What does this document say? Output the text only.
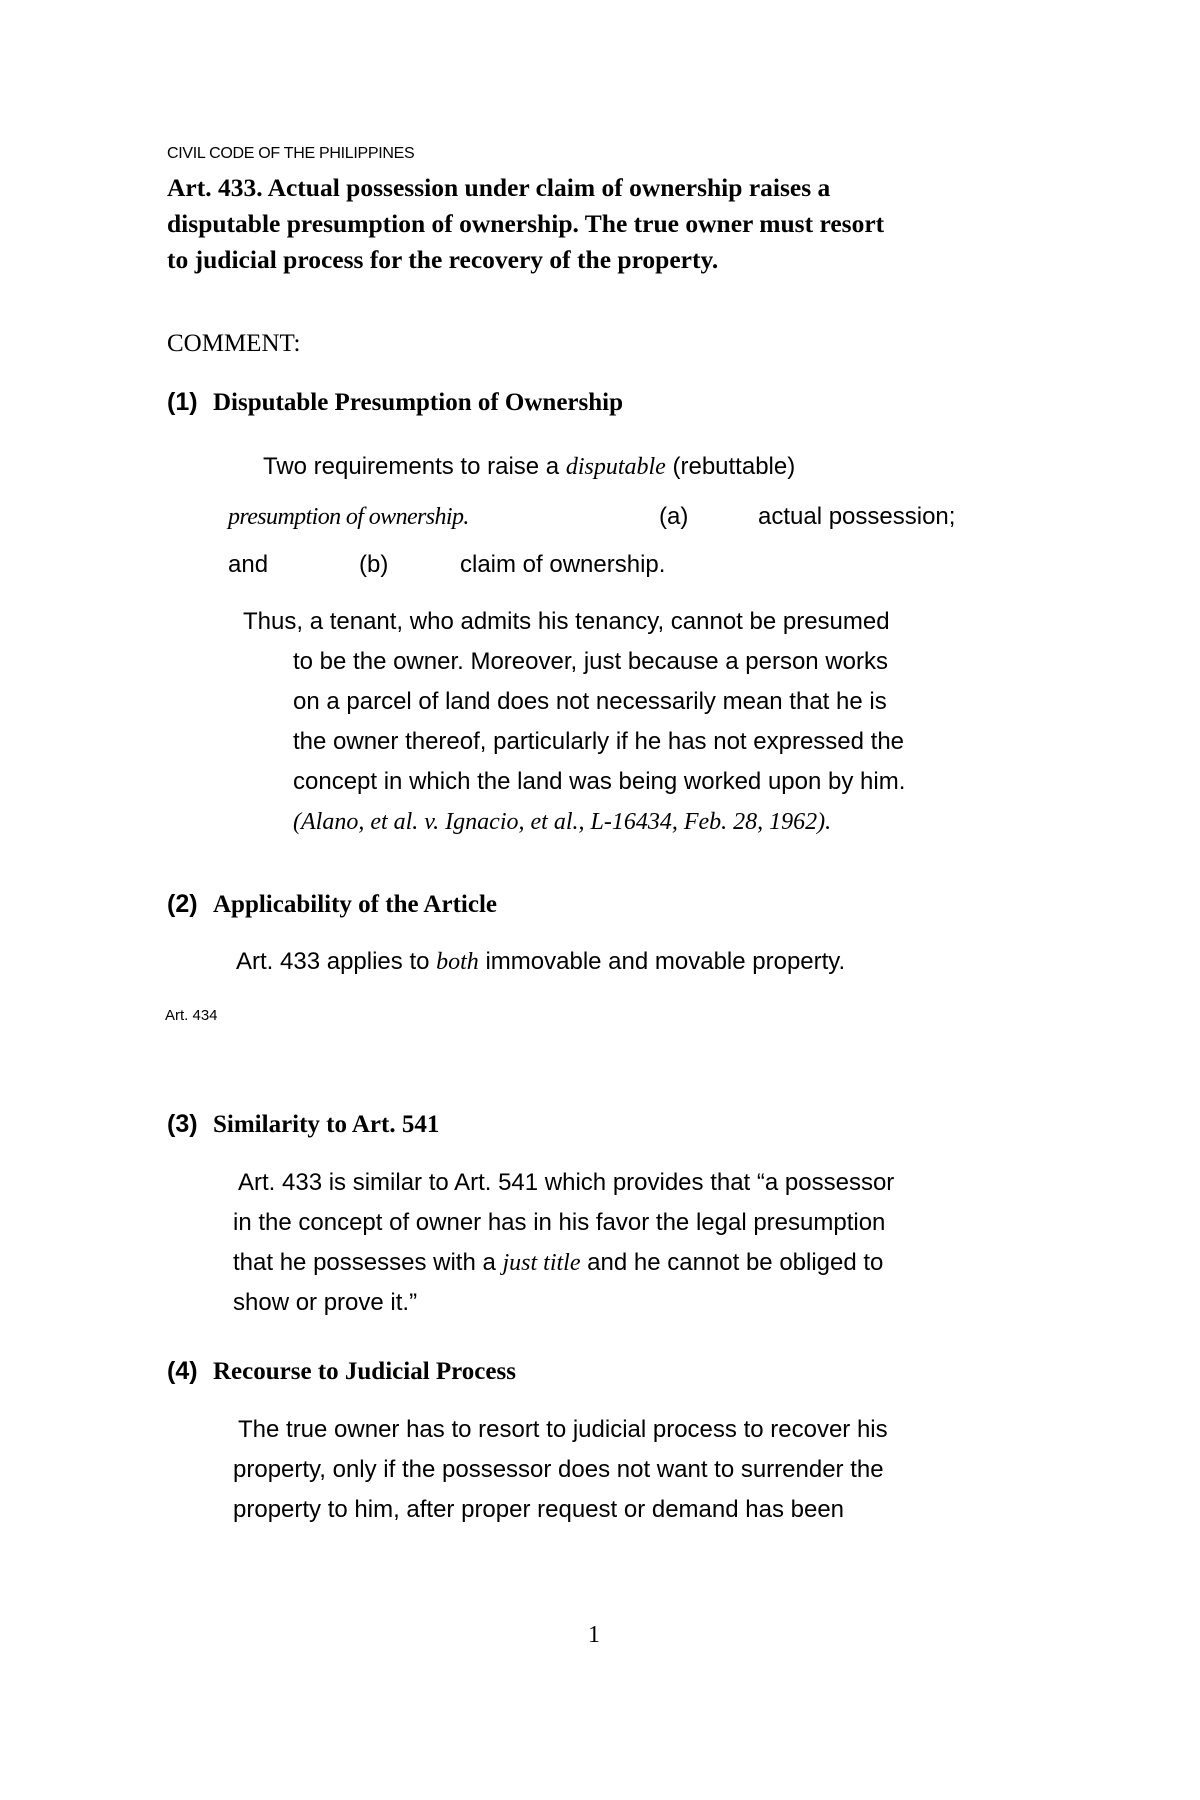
CIVIL CODE OF THE PHILIPPINES
Art. 433. Actual possession under claim of ownership raises a
disputable presumption of ownership. The true owner must resort
to judicial process for the recovery of the property.
COMMENT:
(1) Disputable Presumption of Ownership
Two requirements to raise a disputable (rebuttable)
presumption of ownership.	(a)	actual possession;
and	(b)	claim of ownership.
Thus, a tenant, who admits his tenancy, cannot be presumed
to be the owner. Moreover, just because a person works
on a parcel of land does not necessarily mean that he is
the owner thereof, particularly if he has not expressed the
concept in which the land was being worked upon by him.
(Alano, et al. v. Ignacio, et al., L-16434, Feb. 28, 1962).
(2) Applicability of the Article
Art. 433 applies to both immovable and movable property.
Art. 434
(3) Similarity to Art. 541
Art. 433 is similar to Art. 541 which provides that “a possessor
in the concept of owner has in his favor the legal presumption
that he possesses with a just title and he cannot be obliged to
show or prove it.”
(4) Recourse to Judicial Process
The true owner has to resort to judicial process to recover his
property, only if the possessor does not want to surrender the
property to him, after proper request or demand has been
1
